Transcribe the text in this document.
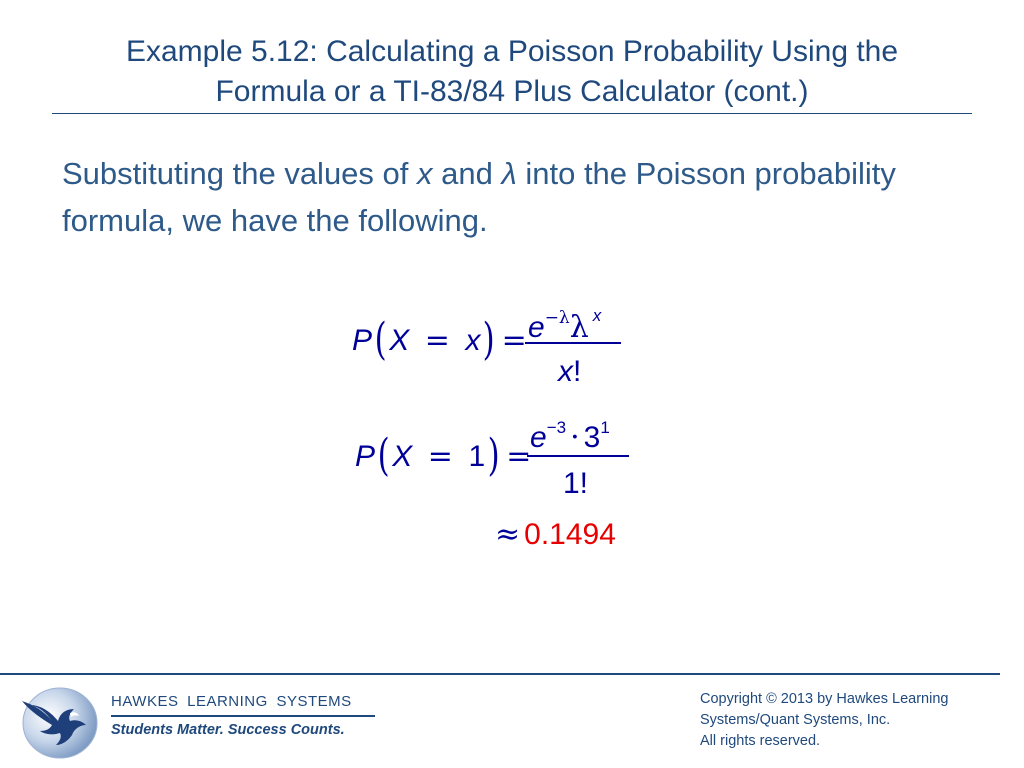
Example 5.12: Calculating a Poisson Probability Using the
Formula or a TI-83/84 Plus Calculator (cont.)
Substituting the values of x and λ into the Poisson probability formula, we have the following.
$P(X = x) = e^{-\lambda}\lambda$ $^x$
x!
P(X = 1) =
$e^{-3} \cdot 3^1$
1!
≈ 0.1494
HAWKES LEARNING SYSTEMS
Students Matter. Success Counts.
Copyright © 2013 by Hawkes Learning
Systems/Quant Systems, Inc.
All rights reserved.
